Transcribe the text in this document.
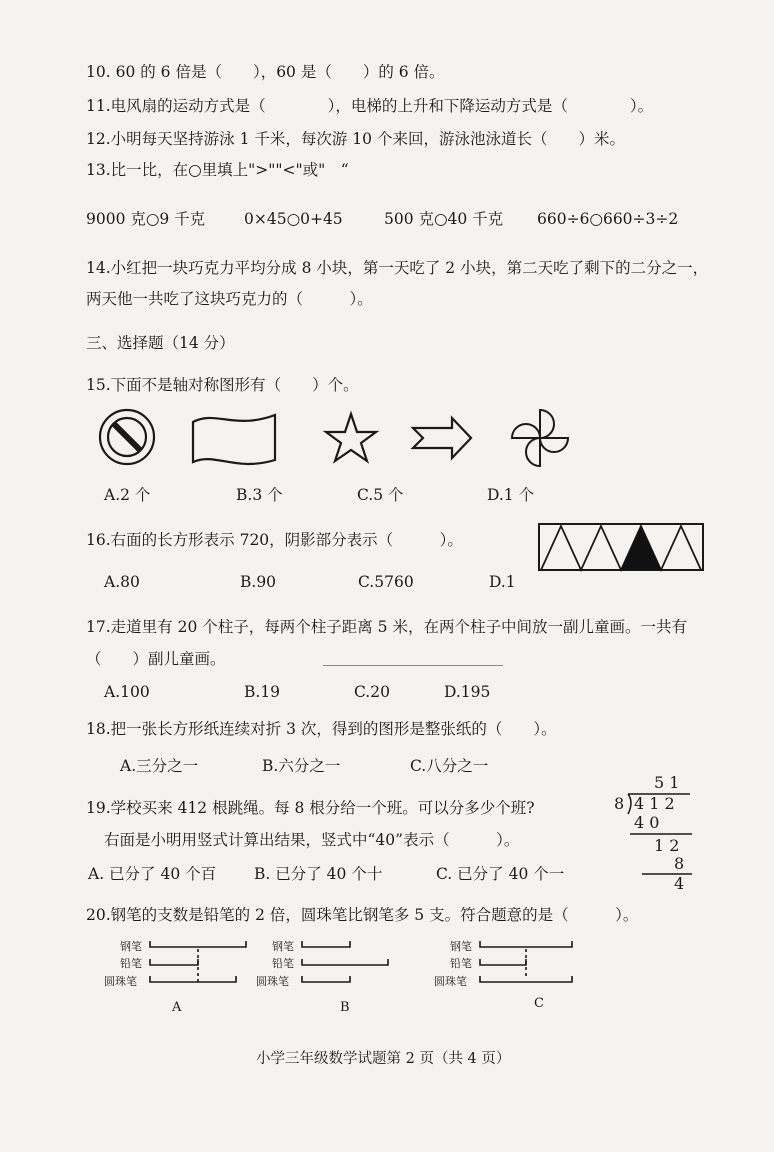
10. 60 的 6 倍是（　　），60 是（　　）的 6 倍。
11.电风扇的运动方式是（　　　　），电梯的上升和下降运动方式是（　　　　）。
12.小明每天坚持游泳 1 千米，每次游 10 个来回，游泳池泳道长（　　）米。
13.比一比，在○里填上">""<"或"　“
9000 克○9 千克	0×45○0+45	500 克○40 千克 660÷6○660÷3÷2
14.小红把一块巧克力平均分成 8 小块，第一天吃了 2 小块，第二天吃了剩下的二分之一，
两天他一共吃了这块巧克力的（　　　）。
三、选择题（14 分）
15.下面不是轴对称图形有（　　）个。
A.2 个	B.3 个	C.5 个	D.1 个
16.右面的长方形表示 720，阴影部分表示（　　　）。
A.80	B.90	C.5760	D.1
17.走道里有 20 个柱子，每两个柱子距离 5 米，在两个柱子中间放一副儿童画。一共有
（　　）副儿童画。
A.100	B.19	C.20	D.195
18.把一张长方形纸连续对折 3 次，得到的图形是整张纸的（　　）。
A.三分之一	B.六分之一	C.八分之一
19.学校买来 412 根跳绳。每 8 根分给一个班。可以分多少个班?
右面是小明用竖式计算出结果，竖式中“40”表示（　　　）。
A. 已分了 40 个百 B. 已分了 40 个十	C. 已分了 40 个一
5 1
8 4 1 2
4 0
1 2
8
4
20.钢笔的支数是铅笔的 2 倍，圆珠笔比钢笔多 5 支。符合题意的是（　　　）。
钢笔
铅笔
圆珠笔
A
钢笔
铅笔
圆珠笔
B
钢笔
铅笔
圆珠笔
C
小学三年级数学试题第 2 页（共 4 页）
